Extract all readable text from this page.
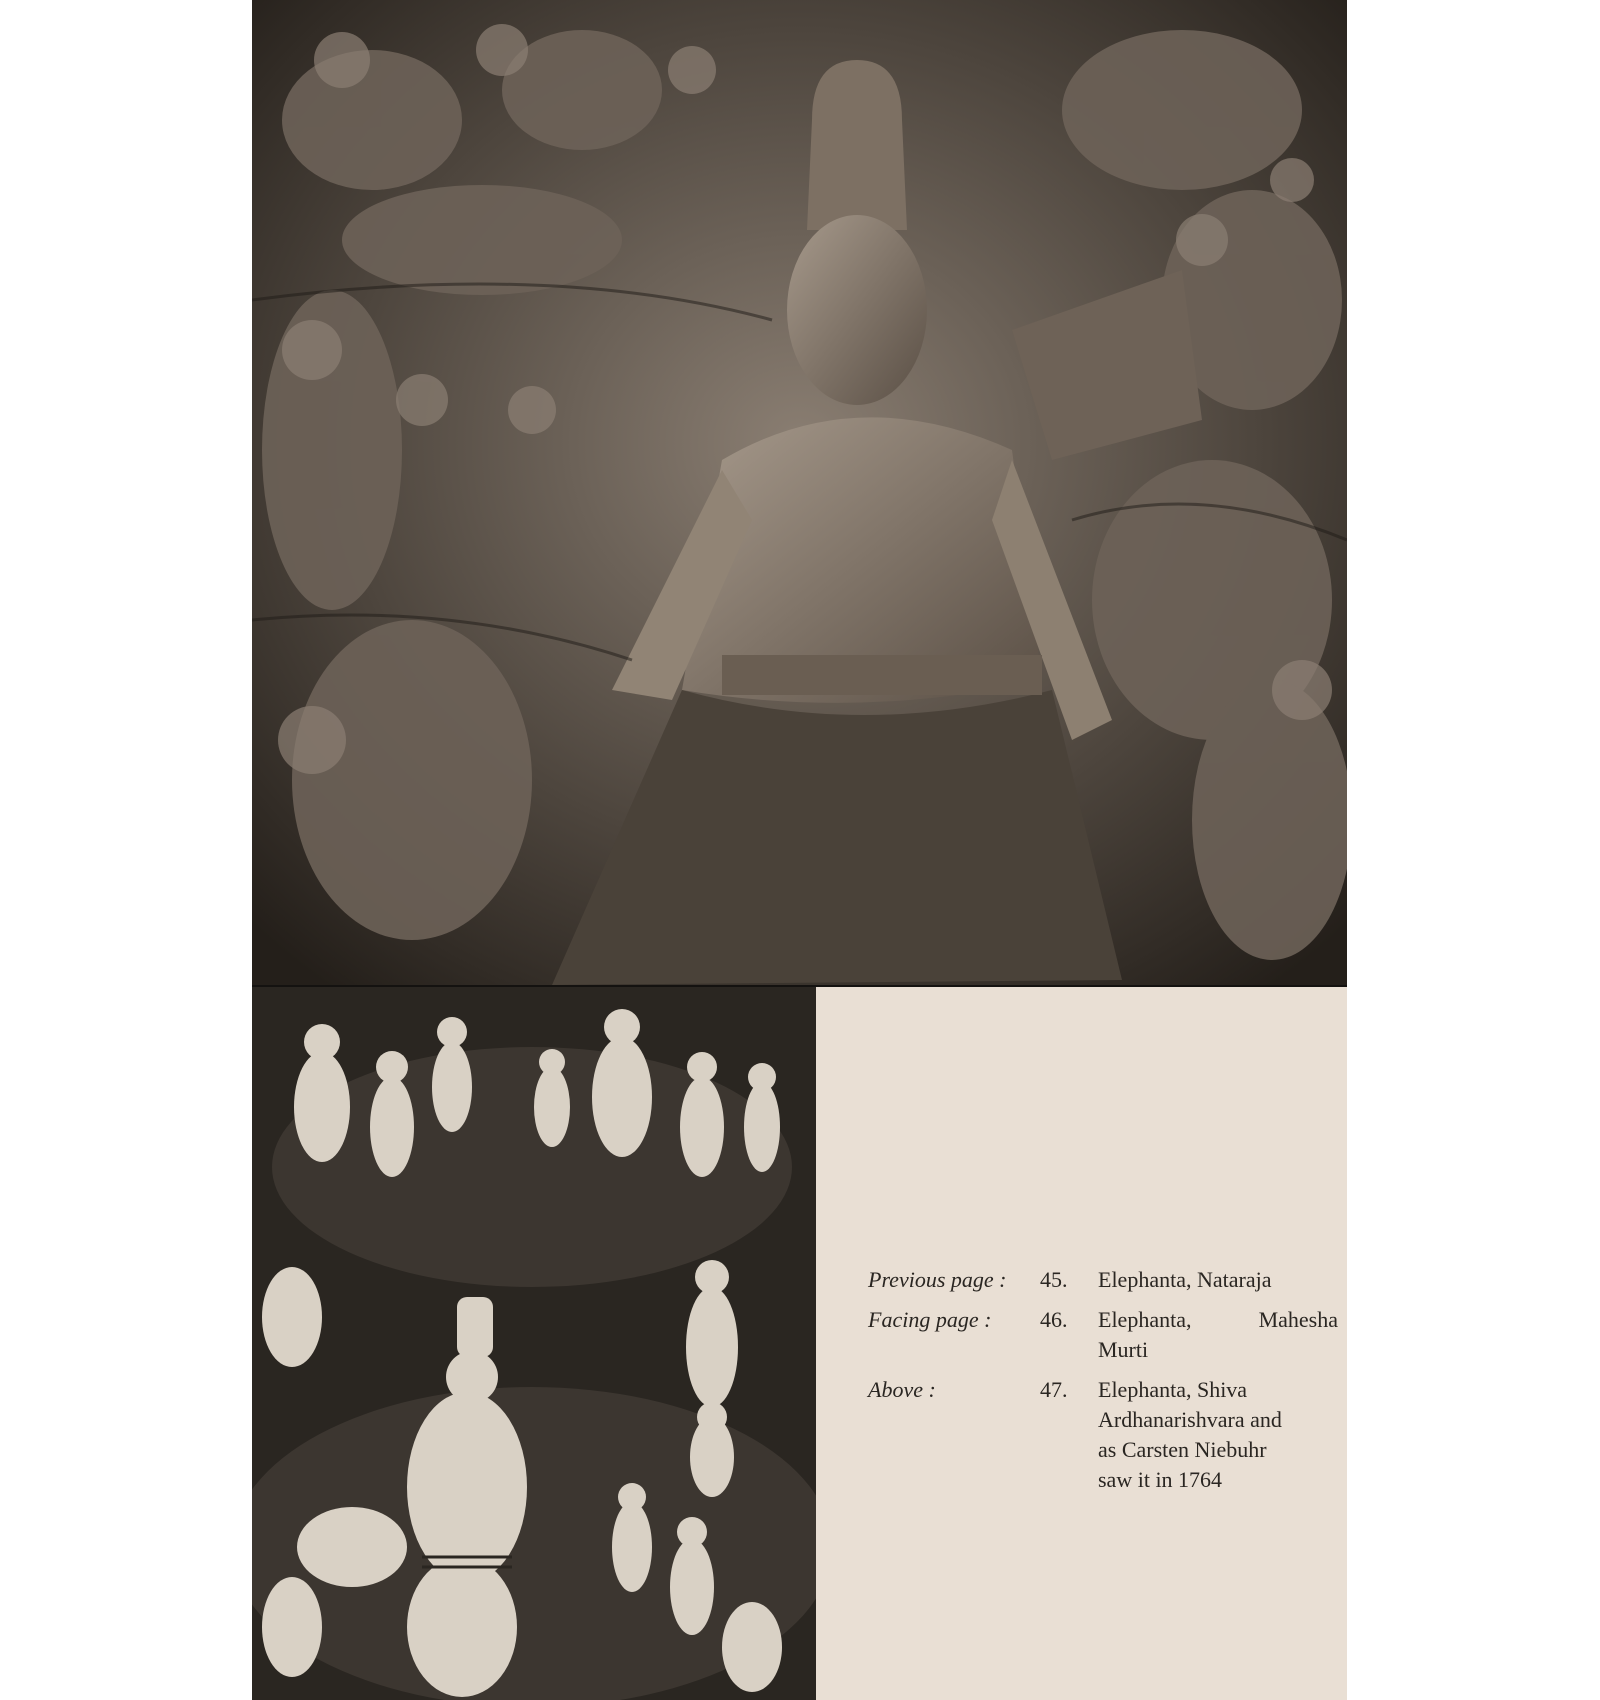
Previous page :	45.	Elephanta, Nataraja
Facing page :	46.	Elephanta, Mahesha
Murti
Above :	47.	Elephanta, Shiva
Ardhanarishvara and
as Carsten Niebuhr
saw it in 1764
